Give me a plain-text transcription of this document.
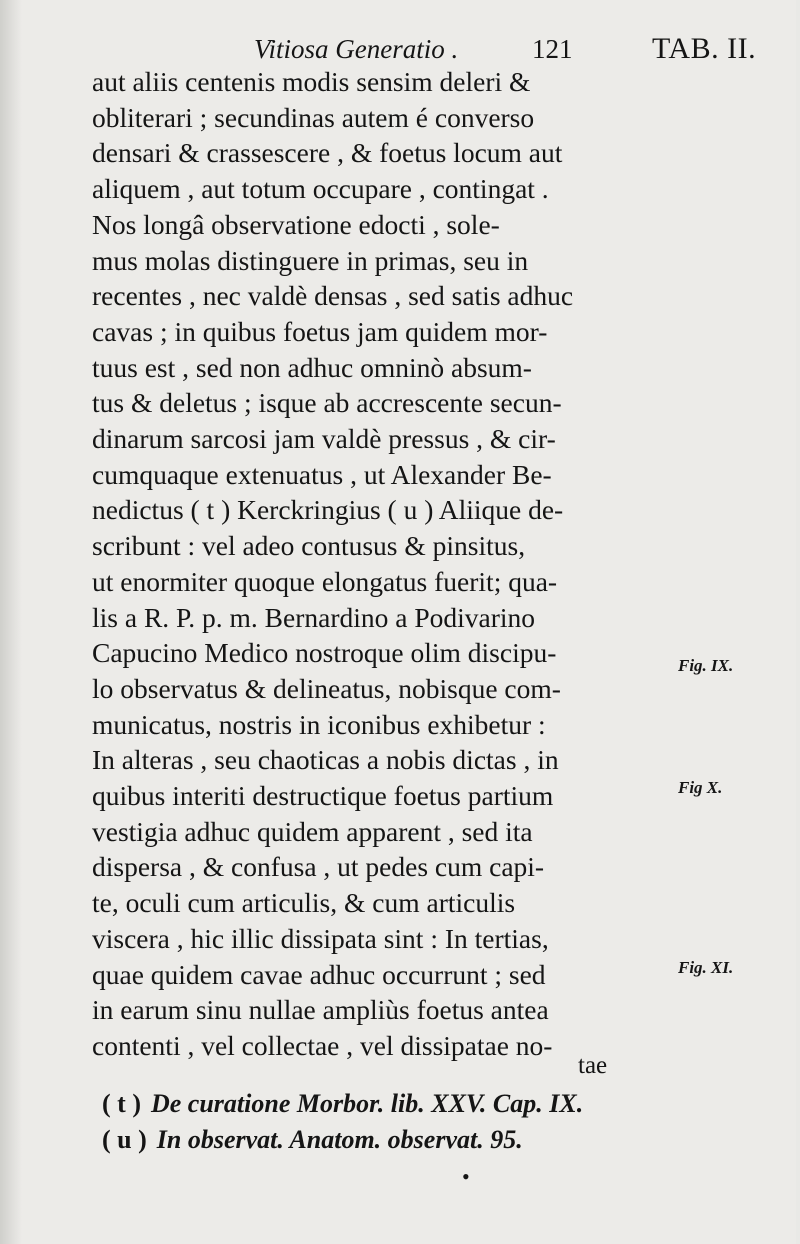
Vitiosa Generatio .	121	TAB. II.
aut aliis centenis modis sensim deleri &
obliterari ; secundinas autem é converso
densari & crassescere , & foetus locum aut
aliquem , aut totum occupare , contingat .
Nos longâ observatione edocti , sole-
mus molas distinguere in primas, seu in
recentes , nec valdè densas , sed satis adhuc
cavas ; in quibus foetus jam quidem mor-
tuus est , sed non adhuc omninò absum-
tus & deletus ; isque ab accrescente secun-
dinarum sarcosi jam valdè pressus , & cir-
cumquaque extenuatus , ut Alexander Be-
nedictus ( t ) Kerckringius ( u ) Aliique de-
scribunt : vel adeo contusus & pinsitus,
ut enormiter quoque elongatus fuerit; qua-
lis a R. P. p. m. Bernardino a Podivarino
Capucino Medico nostroque olim discipu-
lo observatus & delineatus, nobisque com-
municatus, nostris in iconibus exhibetur :
In alteras , seu chaoticas a nobis dictas , in
quibus interiti destructique foetus partium
vestigia adhuc quidem apparent , sed ita
dispersa , & confusa , ut pedes cum capi-
te, oculi cum articulis, & cum articulis
viscera , hic illic dissipata sint : In tertias,
quae quidem cavae adhuc occurrunt ; sed
in earum sinu nullae ampliùs foetus antea
contenti , vel collectae , vel dissipatae no-
Fig. IX.
Fig X.
Fig. XI.
tae
( t ) De curatione Morbor. lib. XXV. Cap. IX.
( u ) In observat. Anatom. observat. 95.
•
